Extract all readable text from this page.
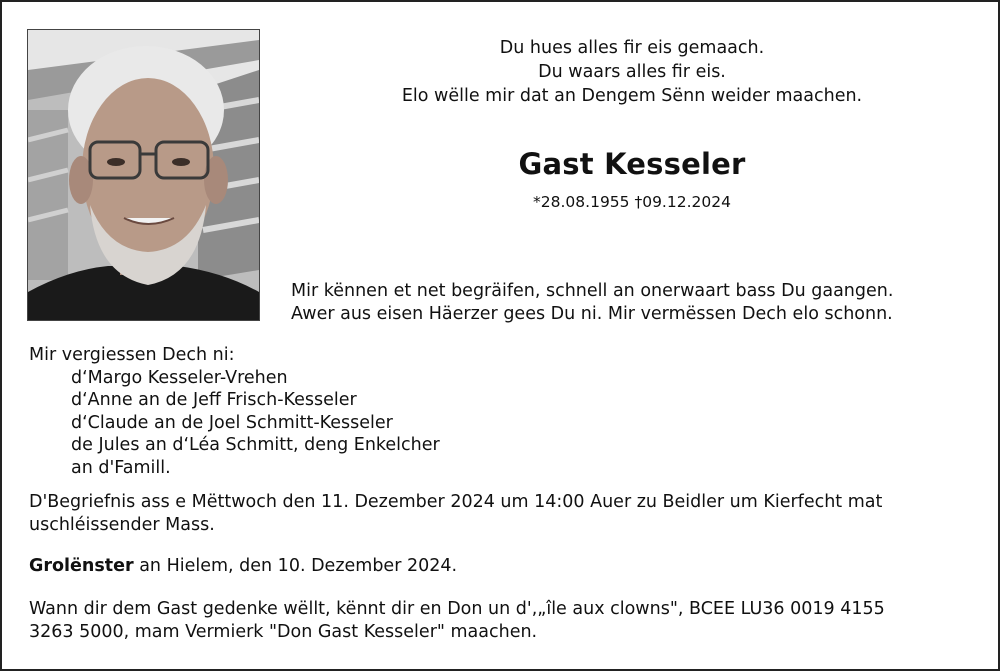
Du hues alles fir eis gemaach.
Du waars alles fir eis.
Elo wëlle mir dat an Dengem Sënn weider maachen.
Gast Kesseler
*28.08.1955 †09.12.2024
Mir kënnen et net begräifen, schnell an onerwaart bass Du gaangen.
Awer aus eisen Häerzer gees Du ni. Mir vermëssen Dech elo schonn.
Mir vergiessen Dech ni:
d‘Margo Kesseler-Vrehen
d‘Anne an de Jeff Frisch-Kesseler
d‘Claude an de Joel Schmitt-Kesseler
de Jules an d‘Léa Schmitt, deng Enkelcher
an d'Famill.
D'Begriefnis ass e Mëttwoch den 11. Dezember 2024 um 14:00 Auer zu Beidler um Kierfecht mat uschléissender Mass.
Grolënster an Hielem, den 10. Dezember 2024.
Wann dir dem Gast gedenke wëllt, kënnt dir en Don un d',„île aux clowns", BCEE LU36 0019 4155
3263 5000, mam Vermierk "Don Gast Kesseler" maachen.
